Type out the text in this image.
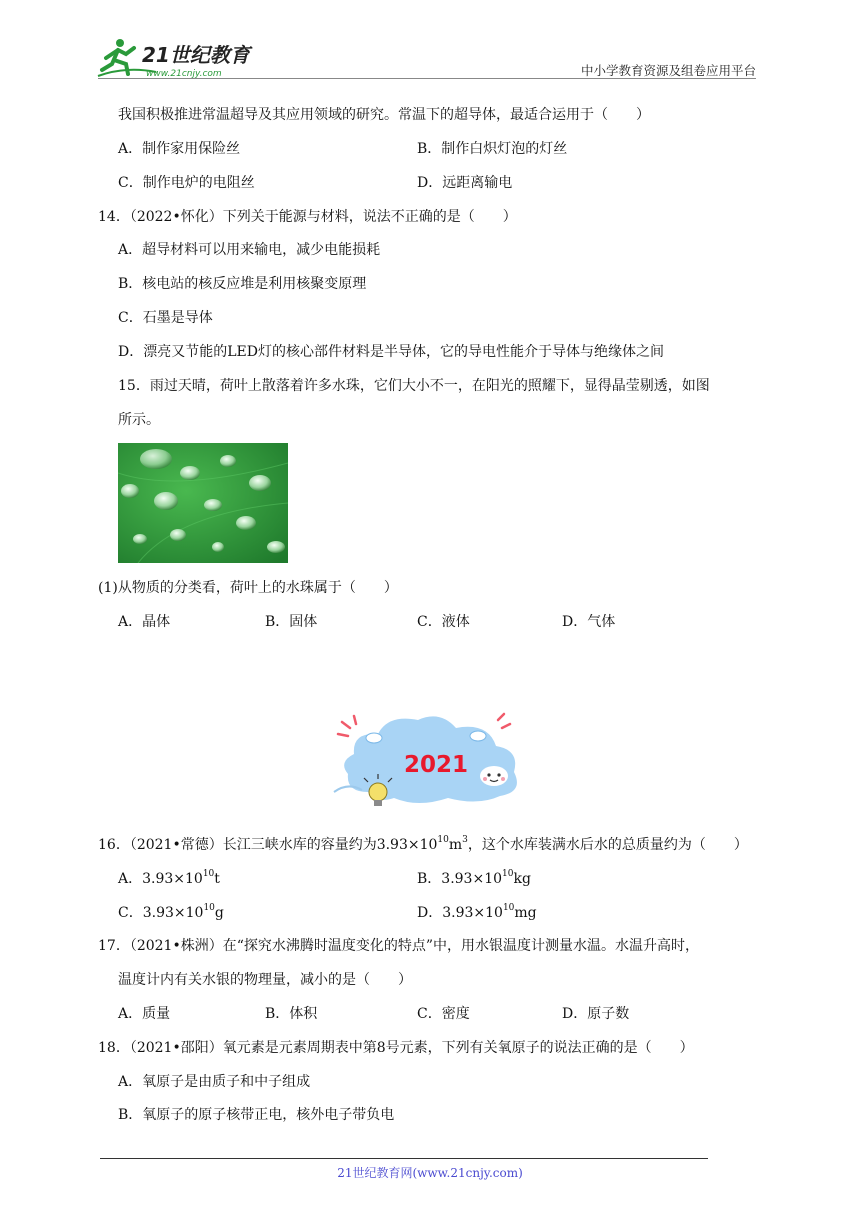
21世纪教育
www.21cnjy.com	中小学教育资源及组卷应用平台
我国积极推进常温超导及其应用领域的研究。常温下的超导体，最适合运用于（　　）
A．制作家用保险丝	B．制作白炽灯泡的灯丝
C．制作电炉的电阻丝	D．远距离输电
14．（2022•怀化）下列关于能源与材料，说法不正确的是（　　）
A．超导材料可以用来输电，减少电能损耗
B．核电站的核反应堆是利用核聚变原理
C．石墨是导体
D．漂亮又节能的LED灯的核心部件材料是半导体，它的导电性能介于导体与绝缘体之间
15．雨过天晴，荷叶上散落着许多水珠，它们大小不一，在阳光的照耀下，显得晶莹剔透，如图
所示。
(1)从物质的分类看，荷叶上的水珠属于（　　）
A．晶体	B．固体	C．液体	D．气体
2021
16．（2021•常德）长江三峡水库的容量约为$3.93\times 10^{10}m^3$，这个水库装满水后水的总质量约为（　　）
A．$3.93\times 10^{10}t$	B．$3.93\times 10^{10}kg$
C．$3.93\times 10^{10}g$	D．$3.93\times 10^{10}mg$
17．（2021•株洲）在“探究水沸腾时温度变化的特点”中，用水银温度计测量水温。水温升高时，
温度计内有关水银的物理量，减小的是（　　）
A．质量	B．体积	C．密度	D．原子数
18．（2021•邵阳）氧元素是元素周期表中第8号元素，下列有关氧原子的说法正确的是（　　）
A．氧原子是由质子和中子组成
B．氧原子的原子核带正电，核外电子带负电
21世纪教育网(www.21cnjy.com)
